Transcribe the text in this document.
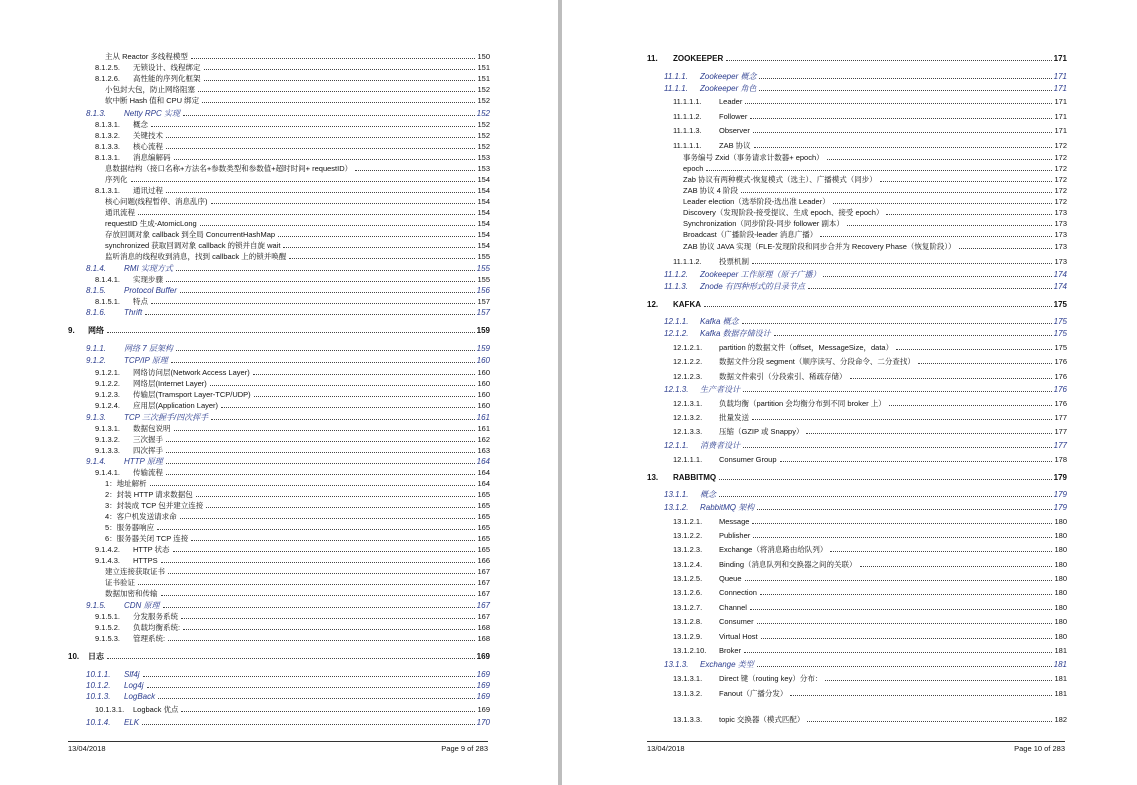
主从 Reactor 多线程模型	150
8.1.2.5.	无锁设计、线程绑定	151
8.1.2.6.	高性能的序列化框架	151
小包封大包，防止网络阻塞	152
软中断 Hash 值和 CPU 绑定	152
8.1.3.	Netty RPC 实现	152
8.1.3.1.	概念	152
8.1.3.2.	关键技术	152
8.1.3.3.	核心流程	152
8.1.3.1.	消息编解码	153
息数据结构（接口名称+方法名+参数类型和参数值+超时时间+ requestID）	153
序列化	154
8.1.3.1.	通讯过程	154
核心问题(线程暂停、消息乱序)	154
通讯流程	154
requestID 生成-AtomicLong	154
存放回调对象 callback 到全局 ConcurrentHashMap	154
synchronized 获取回调对象 callback 的锁并自旋 wait	154
监听消息的线程收到消息，找到 callback 上的锁并唤醒	155
8.1.4.	RMI 实现方式	155
8.1.4.1.	实现步骤	155
8.1.5.	Protocol Buffer	156
8.1.5.1.	特点	157
8.1.6.	Thrift	157
9.	网络	159
9.1.1.	网络 7 层架构	159
9.1.2.	TCP/IP 原理	160
9.1.2.1.	网络访问层(Network Access Layer)	160
9.1.2.2.	网络层(Internet Layer)	160
9.1.2.3.	传输层(Tramsport Layer-TCP/UDP)	160
9.1.2.4.	应用层(Application Layer)	160
9.1.3.	TCP 三次握手/四次挥手	161
9.1.3.1.	数据包说明	161
9.1.3.2.	三次握手	162
9.1.3.3.	四次挥手	163
9.1.4.	HTTP 原理	164
9.1.4.1.	传输流程	164
1：地址解析	164
2：封装 HTTP 请求数据包	165
3：封装成 TCP 包并建立连接	165
4：客户机发送请求命	165
5：服务器响应	165
6：服务器关闭 TCP 连接	165
9.1.4.2.	HTTP 状态	165
9.1.4.3.	HTTPS	166
建立连接获取证书	167
证书验证	167
数据加密和传输	167
9.1.5.	CDN 原理	167
9.1.5.1.	分发服务系统	167
9.1.5.2.	负载均衡系统:	168
9.1.5.3.	管理系统:	168
10.	日志	169
10.1.1.	Slf4j	169
10.1.2.	Log4j	169
10.1.3.	LogBack	169
10.1.3.1.	Logback 优点	169
10.1.4.	ELK	170
13/04/2018	Page 9 of 283
11.	ZOOKEEPER	171
11.1.1.	Zookeeper 概念	171
11.1.1.	Zookeeper 角色	171
11.1.1.1.	Leader	171
11.1.1.2.	Follower	171
11.1.1.3.	Observer	171
11.1.1.1.	ZAB 协议	172
事务编号 Zxid（事务请求计数器+ epoch）	172
epoch	172
Zab 协议有两种模式-恢复模式（选主）、广播模式（同步）	172
ZAB 协议 4 阶段	172
Leader election（选举阶段-选出准 Leader）	172
Discovery（发现阶段-接受提议、生成 epoch、接受 epoch）	173
Synchronization（同步阶段-同步 follower 副本）	173
Broadcast（广播阶段-leader 消息广播）	173
ZAB 协议 JAVA 实现（FLE-发现阶段和同步合并为 Recovery Phase（恢复阶段））	173
11.1.1.2.	投票机制	173
11.1.2.	Zookeeper 工作原理（原子广播）	174
11.1.3.	Znode 有四种形式的目录节点	174
12.	KAFKA	175
12.1.1.	Kafka 概念	175
12.1.2.	Kafka 数据存储设计	175
12.1.2.1.	partition 的数据文件（offset，MessageSize，data）	175
12.1.2.2.	数据文件分段 segment（顺序读写、分段命令、二分查找）	176
12.1.2.3.	数据文件索引（分段索引、稀疏存储）	176
12.1.3.	生产者设计	176
12.1.3.1.	负载均衡（partition 会均衡分布到不同 broker 上）	176
12.1.3.2.	批量发送	177
12.1.3.3.	压缩（GZIP 或 Snappy）	177
12.1.1.	消费者设计	177
12.1.1.1.	Consumer Group	178
13.	RABBITMQ	179
13.1.1.	概念	179
13.1.2.	RabbitMQ 架构	179
13.1.2.1.	Message	180
13.1.2.2.	Publisher	180
13.1.2.3.	Exchange（将消息路由给队列）	180
13.1.2.4.	Binding（消息队列和交换器之间的关联）	180
13.1.2.5.	Queue	180
13.1.2.6.	Connection	180
13.1.2.7.	Channel	180
13.1.2.8.	Consumer	180
13.1.2.9.	Virtual Host	180
13.1.2.10.	Broker	181
13.1.3.	Exchange 类型	181
13.1.3.1.	Direct 键（routing key）分布：	181
13.1.3.2.	Fanout（广播分发）	181
13.1.3.3.	topic 交换器（模式匹配）	182
13/04/2018	Page 10 of 283
